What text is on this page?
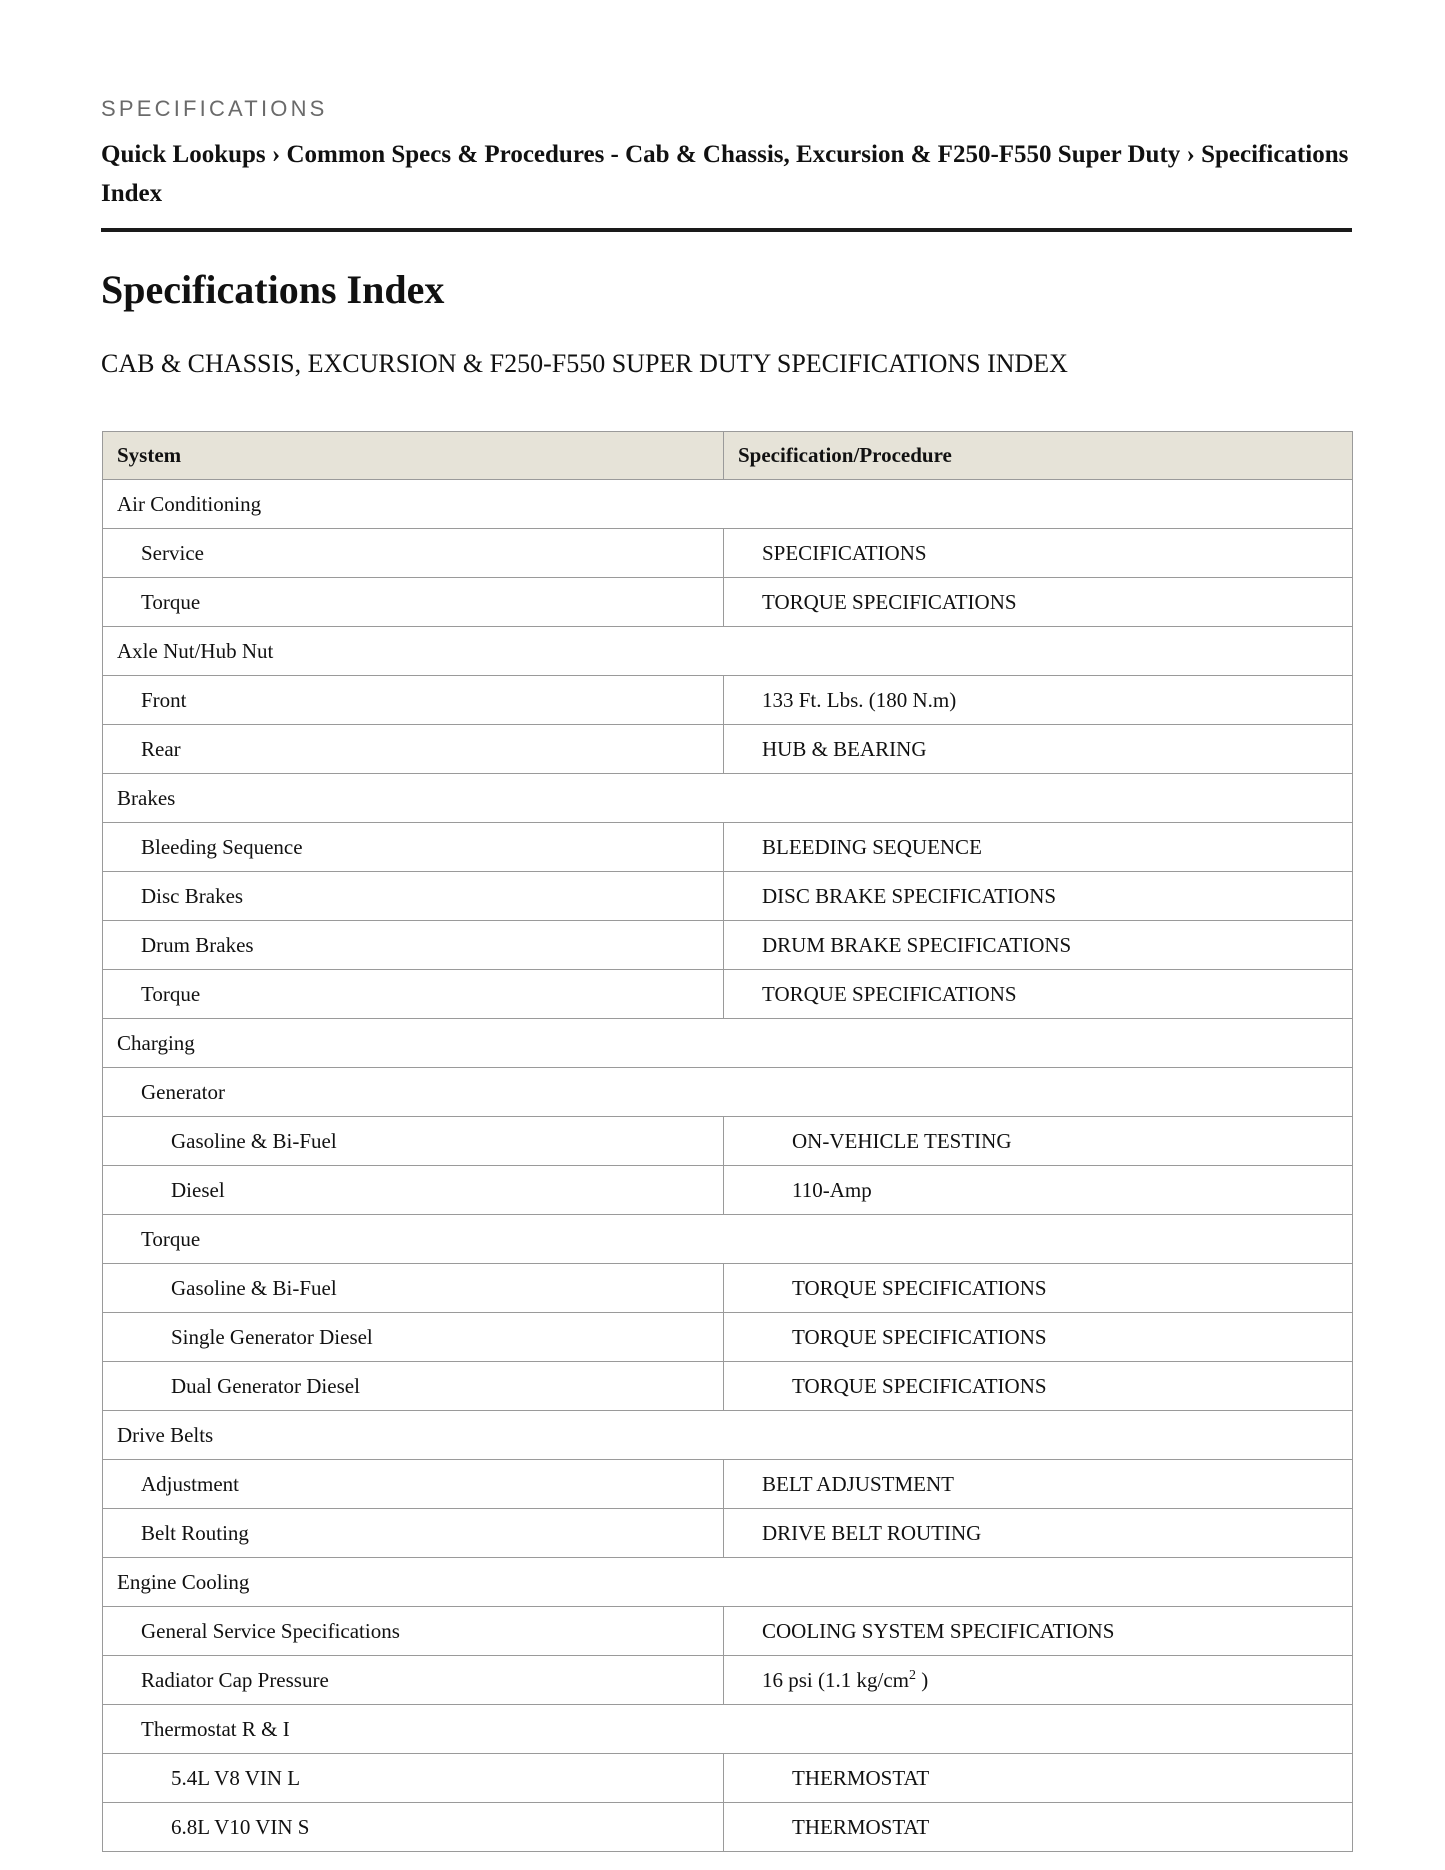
SPECIFICATIONS

Quick Lookups › Common Specs & Procedures - Cab & Chassis, Excursion & F250-F550 Super Duty › Specifications Index
Specifications Index
CAB & CHASSIS, EXCURSION & F250-F550 SUPER DUTY SPECIFICATIONS INDEX
System	Specification/Procedure
Air Conditioning	
Service	SPECIFICATIONS
Torque	TORQUE SPECIFICATIONS
Axle Nut/Hub Nut	
Front	133 Ft. Lbs. (180 N.m)
Rear	HUB & BEARING
Brakes	
Bleeding Sequence	BLEEDING SEQUENCE
Disc Brakes	DISC BRAKE SPECIFICATIONS
Drum Brakes	DRUM BRAKE SPECIFICATIONS
Torque	TORQUE SPECIFICATIONS
Charging	
Generator	
Gasoline & Bi-Fuel	ON-VEHICLE TESTING
Diesel	110-Amp
Torque	
Gasoline & Bi-Fuel	TORQUE SPECIFICATIONS
Single Generator Diesel	TORQUE SPECIFICATIONS
Dual Generator Diesel	TORQUE SPECIFICATIONS
Drive Belts	
Adjustment	BELT ADJUSTMENT
Belt Routing	DRIVE BELT ROUTING
Engine Cooling	
General Service Specifications	COOLING SYSTEM SPECIFICATIONS
Radiator Cap Pressure	16 psi (1.1 $kg/cm^2$ )
Thermostat R & I	
5.4L V8 VIN L	THERMOSTAT
6.8L V10 VIN S	THERMOSTAT
